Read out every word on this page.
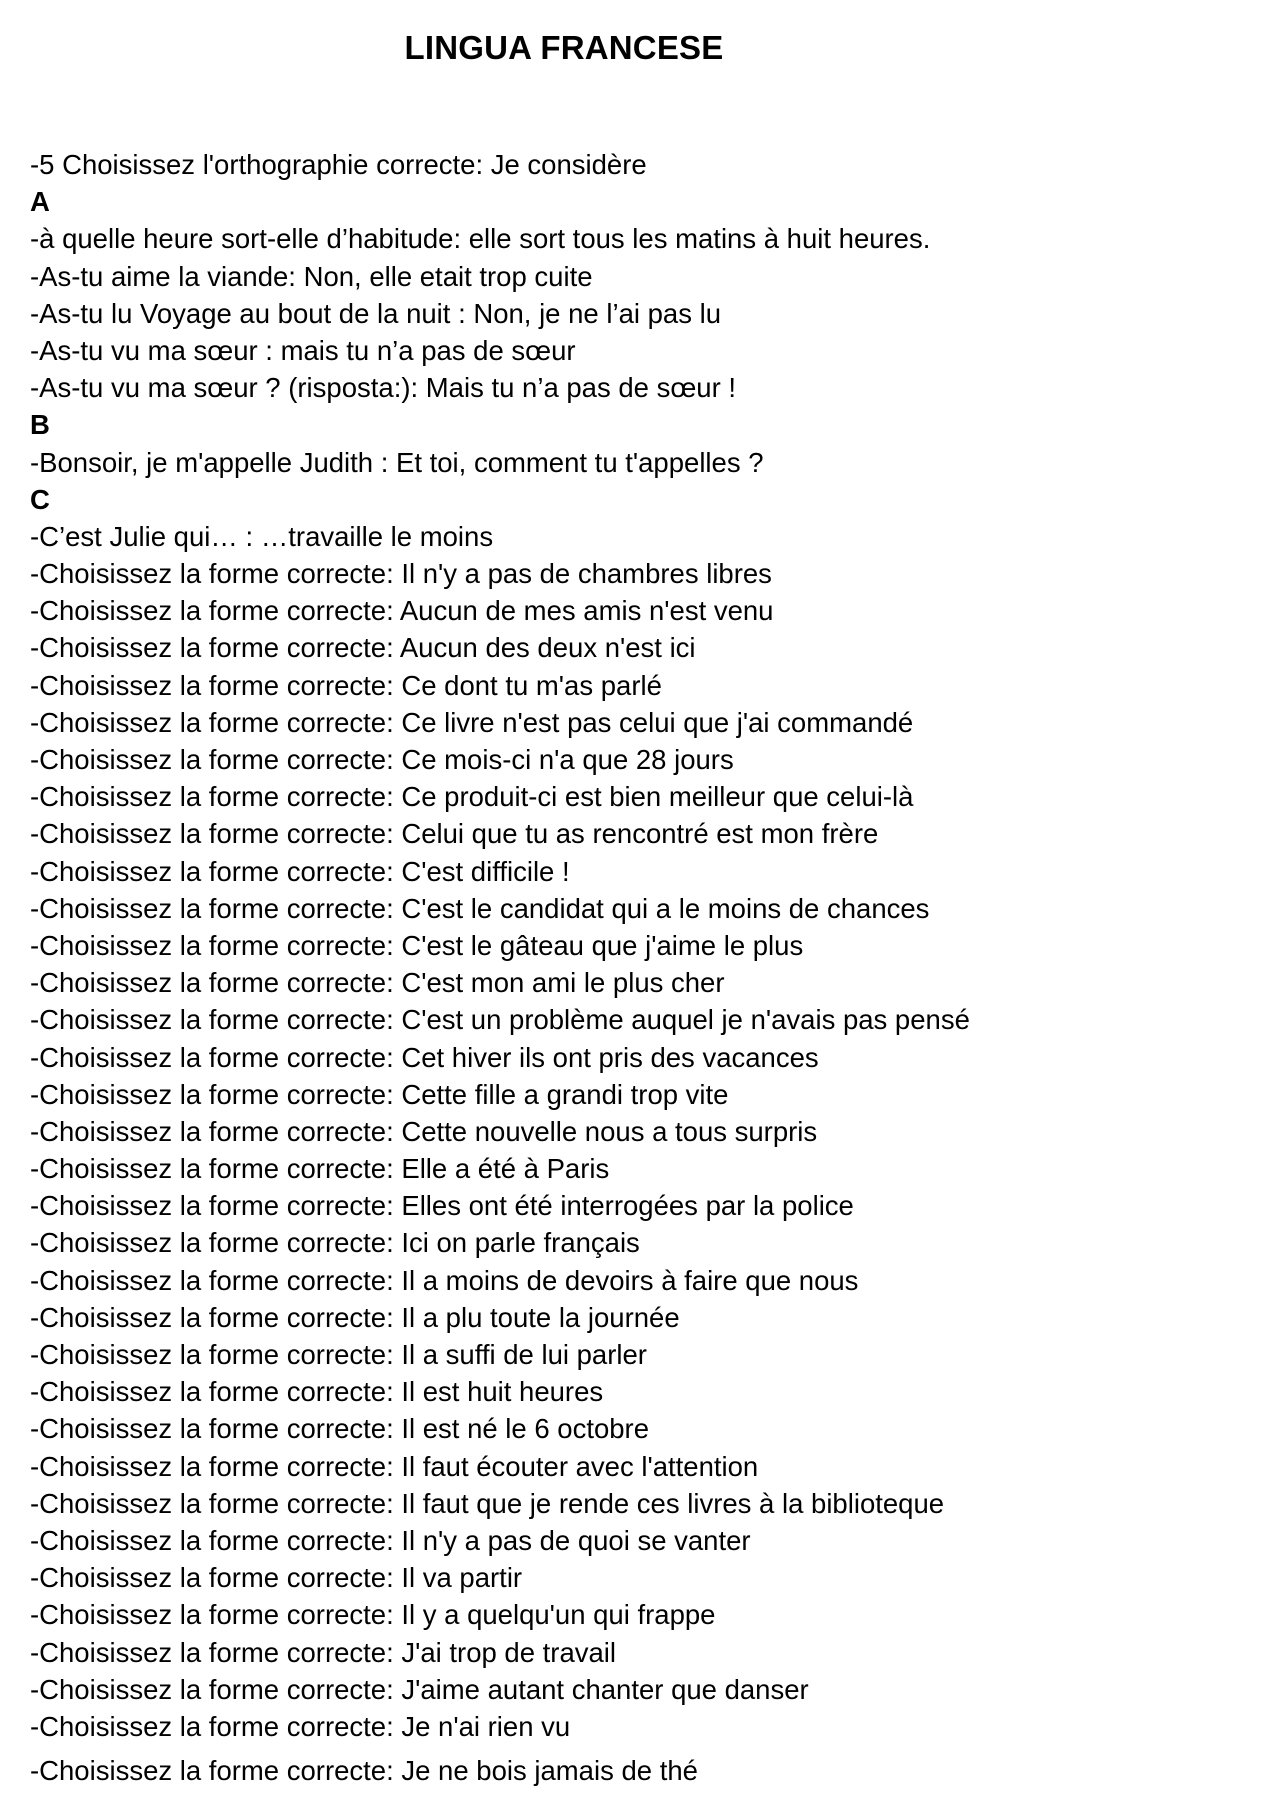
LINGUA FRANCESE
-5 Choisissez l'orthographie correcte: Je considère
A
-à quelle heure sort-elle d’habitude: elle sort tous les matins à huit heures.
-As-tu aime la viande: Non, elle etait trop cuite
-As-tu lu Voyage au bout de la nuit : Non, je ne l’ai pas lu
-As-tu vu ma sœur : mais tu n’a pas de sœur
-As-tu vu ma sœur ? (risposta:): Mais tu n’a pas de sœur !
B
-Bonsoir, je m'appelle Judith : Et toi, comment tu t'appelles ?
C
-C’est Julie qui… : …travaille le moins
-Choisissez la forme correcte: Il n'y a pas de chambres libres
-Choisissez la forme correcte: Aucun de mes amis n'est venu
-Choisissez la forme correcte: Aucun des deux n'est ici
-Choisissez la forme correcte: Ce dont tu m'as parlé
-Choisissez la forme correcte: Ce livre n'est pas celui que j'ai commandé
-Choisissez la forme correcte: Ce mois-ci n'a que 28 jours
-Choisissez la forme correcte: Ce produit-ci est bien meilleur que celui-là
-Choisissez la forme correcte: Celui que tu as rencontré est mon frère
-Choisissez la forme correcte: C'est difficile !
-Choisissez la forme correcte: C'est le candidat qui a le moins de chances
-Choisissez la forme correcte: C'est le gâteau que j'aime le plus
-Choisissez la forme correcte: C'est mon ami le plus cher
-Choisissez la forme correcte: C'est un problème auquel je n'avais pas pensé
-Choisissez la forme correcte: Cet hiver ils ont pris des vacances
-Choisissez la forme correcte: Cette fille a grandi trop vite
-Choisissez la forme correcte: Cette nouvelle nous a tous surpris
-Choisissez la forme correcte: Elle a été à Paris
-Choisissez la forme correcte: Elles ont été interrogées par la police
-Choisissez la forme correcte: Ici on parle français
-Choisissez la forme correcte: Il a moins de devoirs à faire que nous
-Choisissez la forme correcte: Il a plu toute la journée
-Choisissez la forme correcte: Il a suffi de lui parler
-Choisissez la forme correcte: Il est huit heures
-Choisissez la forme correcte: Il est né le 6 octobre
-Choisissez la forme correcte: Il faut écouter avec l'attention
-Choisissez la forme correcte: Il faut que je rende ces livres à la biblioteque
-Choisissez la forme correcte: Il n'y a pas de quoi se vanter
-Choisissez la forme correcte: Il va partir
-Choisissez la forme correcte: Il y a quelqu'un qui frappe
-Choisissez la forme correcte: J'ai trop de travail
-Choisissez la forme correcte: J'aime autant chanter que danser
-Choisissez la forme correcte: Je n'ai rien vu
-Choisissez la forme correcte: Je ne bois jamais de thé
